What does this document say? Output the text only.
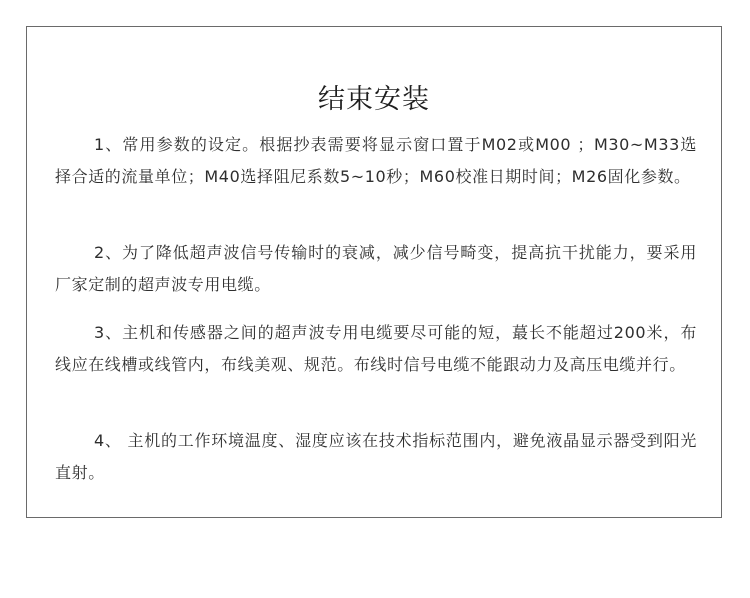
结束安装

1、常用参数的设定。根据抄表需要将显示窗口置于M02或M00 ；M30~M33选择合适的流量单位；M40选择阻尼系数5~10秒；M60校准日期时间；M26固化参数。

2、为了降低超声波信号传输时的衰减，减少信号畸变，提高抗干扰能力，要采用厂家定制的超声波专用电缆。

3、主机和传感器之间的超声波专用电缆要尽可能的短，蕞长不能超过200米，布线应在线槽或线管内，布线美观、规范。布线时信号电缆不能跟动力及高压电缆并行。

4、 主机的工作环境温度、湿度应该在技术指标范围内，避免液晶显示器受到阳光直射。
